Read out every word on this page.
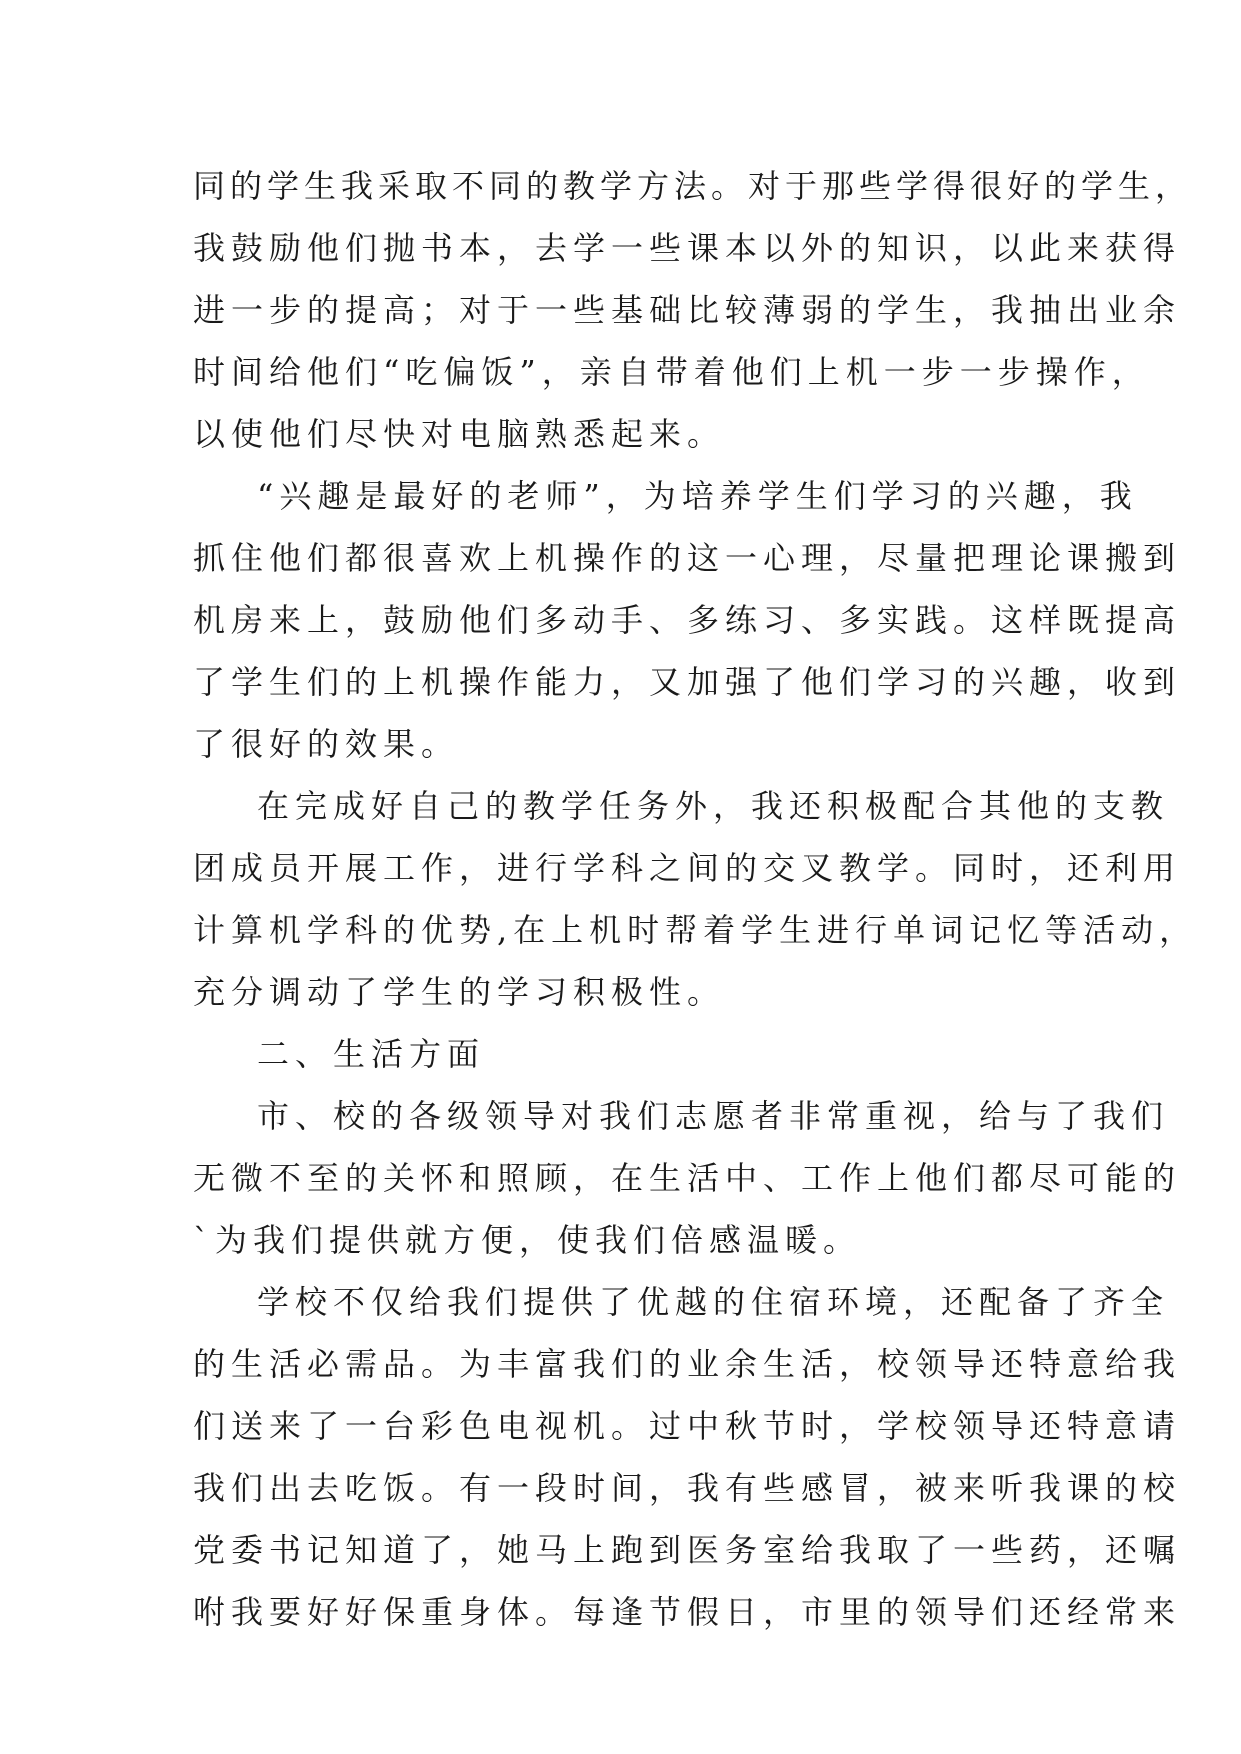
同的学生我采取不同的教学方法。对于那些学得很好的学生，
我鼓励他们抛书本，去学一些课本以外的知识，以此来获得
进一步的提高；对于一些基础比较薄弱的学生，我抽出业余
时间给他们“吃偏饭”，亲自带着他们上机一步一步操作，
以使他们尽快对电脑熟悉起来。
“兴趣是最好的老师”，为培养学生们学习的兴趣，我
抓住他们都很喜欢上机操作的这一心理，尽量把理论课搬到
机房来上，鼓励他们多动手、多练习、多实践。这样既提高
了学生们的上机操作能力，又加强了他们学习的兴趣，收到
了很好的效果。
在完成好自己的教学任务外，我还积极配合其他的支教
团成员开展工作，进行学科之间的交叉教学。同时，还利用
计算机学科的优势,在上机时帮着学生进行单词记忆等活动，
充分调动了学生的学习积极性。
二、生活方面
市、校的各级领导对我们志愿者非常重视，给与了我们
无微不至的关怀和照顾，在生活中、工作上他们都尽可能的
`为我们提供就方便，使我们倍感温暖。
学校不仅给我们提供了优越的住宿环境，还配备了齐全
的生活必需品。为丰富我们的业余生活，校领导还特意给我
们送来了一台彩色电视机。过中秋节时，学校领导还特意请
我们出去吃饭。有一段时间，我有些感冒，被来听我课的校
党委书记知道了，她马上跑到医务室给我取了一些药，还嘱
咐我要好好保重身体。每逢节假日，市里的领导们还经常来
